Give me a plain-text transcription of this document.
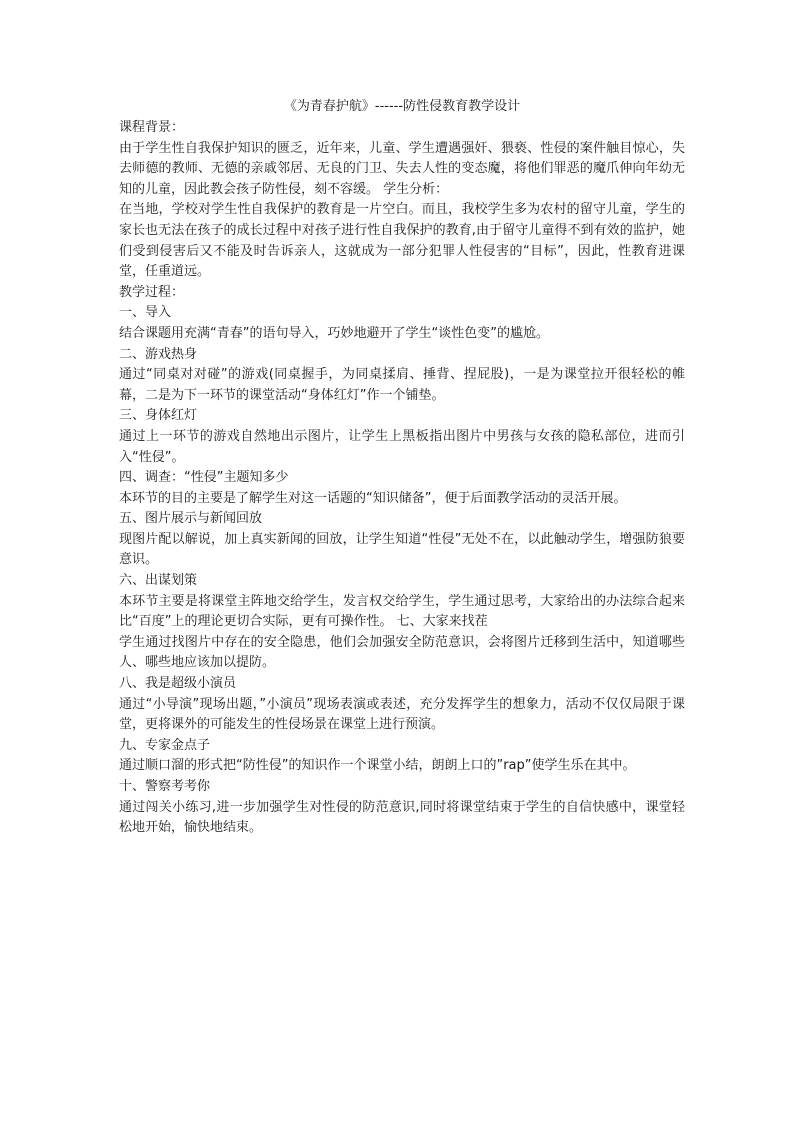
《为青春护航》------防性侵教育教学设计

课程背景：

由于学生性自我保护知识的匮乏，近年来，儿童、学生遭遇强奸、猥亵、性侵的案件触目惊心，失去师德的教师、无德的亲戚邻居、无良的门卫、失去人性的变态魔，将他们罪恶的魔爪伸向年幼无知的儿童，因此教会孩子防性侵，刻不容缓。 学生分析：

在当地，学校对学生性自我保护的教育是一片空白。而且，我校学生多为农村的留守儿童，学生的家长也无法在孩子的成长过程中对孩子进行性自我保护的教育,由于留守儿童得不到有效的监护，她们受到侵害后又不能及时告诉亲人，这就成为一部分犯罪人性侵害的“目标”，因此，性教育进课堂，任重道远。

教学过程：

一、导入

结合课题用充满“青春”的语句导入，巧妙地避开了学生“谈性色变”的尴尬。

二、游戏热身

通过“同桌对对碰”的游戏(同桌握手，为同桌揉肩、捶背、捏屁股)，一是为课堂拉开很轻松的帷幕，二是为下一环节的课堂活动“身体红灯”作一个铺垫。

三、身体红灯

通过上一环节的游戏自然地出示图片，让学生上黑板指出图片中男孩与女孩的隐私部位，进而引入“性侵”。

四、调查：“性侵”主题知多少

本环节的目的主要是了解学生对这一话题的“知识储备”，便于后面教学活动的灵活开展。

五、图片展示与新闻回放

现图片配以解说，加上真实新闻的回放，让学生知道“性侵”无处不在，以此触动学生，增强防狼要意识。

六、出谋划策

本环节主要是将课堂主阵地交给学生，发言权交给学生，学生通过思考，大家给出的办法综合起来比“百度”上的理论更切合实际，更有可操作性。 七、大家来找茬

学生通过找图片中存在的安全隐患，他们会加强安全防范意识，会将图片迁移到生活中，知道哪些人、哪些地应该加以提防。

八、我是超级小演员

通过“小导演”现场出题，”小演员”现场表演或表述，充分发挥学生的想象力，活动不仅仅局限于课堂，更将课外的可能发生的性侵场景在课堂上进行预演。

九、专家金点子

通过顺口溜的形式把“防性侵”的知识作一个课堂小结，朗朗上口的”rap”使学生乐在其中。

十、警察考考你

通过闯关小练习,进一步加强学生对性侵的防范意识,同时将课堂结束于学生的自信快感中，课堂轻松地开始，愉快地结束。
